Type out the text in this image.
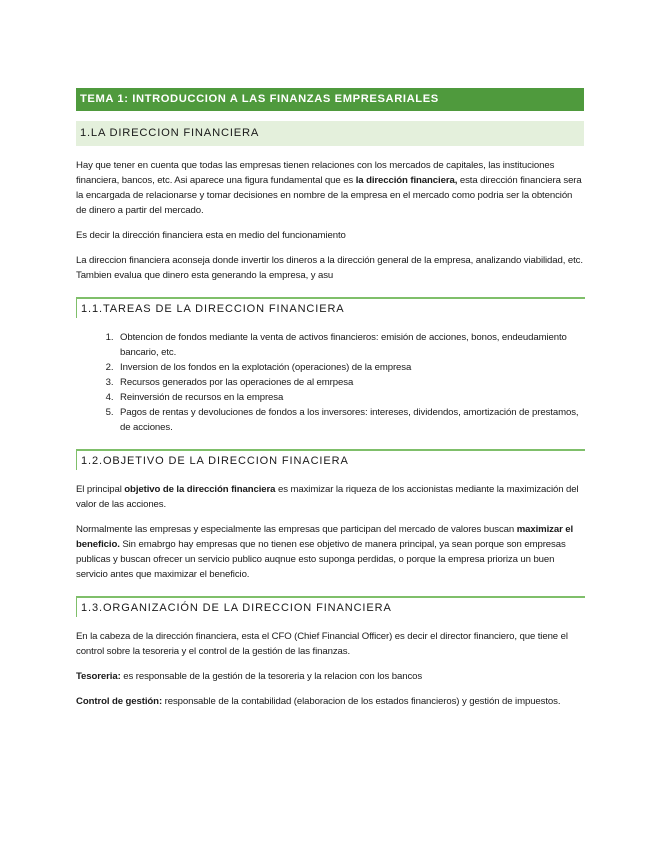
TEMA 1: INTRODUCCION A LAS FINANZAS EMPRESARIALES
1.LA DIRECCION FINANCIERA

Hay que tener en cuenta que todas las empresas tienen relaciones con los mercados de capitales, las instituciones financiera, bancos, etc. Asi aparece una figura fundamental que es la dirección financiera, esta dirección financiera sera la encargada de relacionarse y tomar decisiones en nombre de la empresa en el mercado como podria ser la obtención de dinero a partir del mercado.

Es decir la dirección financiera esta en medio del funcionamiento

La direccion financiera aconseja donde invertir los dineros a la dirección general de la empresa, analizando viabilidad, etc. Tambien evalua que dinero esta generando la empresa, y asu

1.1.TAREAS DE LA DIRECCION FINANCIERA
1. Obtencion de fondos mediante la venta de activos financieros: emisión de acciones, bonos, endeudamiento bancario, etc.
2. Inversion de los fondos en la explotación (operaciones) de la empresa
3. Recursos generados por las operaciones de al emrpesa
4. Reinversión de recursos en la empresa
5. Pagos de rentas y devoluciones de fondos a los inversores: intereses, dividendos, amortización de prestamos, de acciones.
1.2.OBJETIVO DE LA DIRECCION FINACIERA

El principal objetivo de la dirección financiera es maximizar la riqueza de los accionistas mediante la maximización del valor de las acciones.

Normalmente las empresas y especialmente las empresas que participan del mercado de valores buscan maximizar el beneficio. Sin emabrgo hay empresas que no tienen ese objetivo de manera principal, ya sean porque son empresas publicas y buscan ofrecer un servicio publico auqnue esto suponga perdidas, o porque la empresa prioriza un buen servicio antes que maximizar el beneficio.

1.3.ORGANIZACIÓN DE LA DIRECCION FINANCIERA

En la cabeza de la dirección financiera, esta el CFO (Chief Financial Officer) es decir el director financiero, que tiene el control sobre la tesoreria y el control de la gestión de las finanzas.

Tesoreria: es responsable de la gestión de la tesoreria y la relacion con los bancos

Control de gestión: responsable de la contabilidad (elaboracion de los estados financieros) y gestión de impuestos.
